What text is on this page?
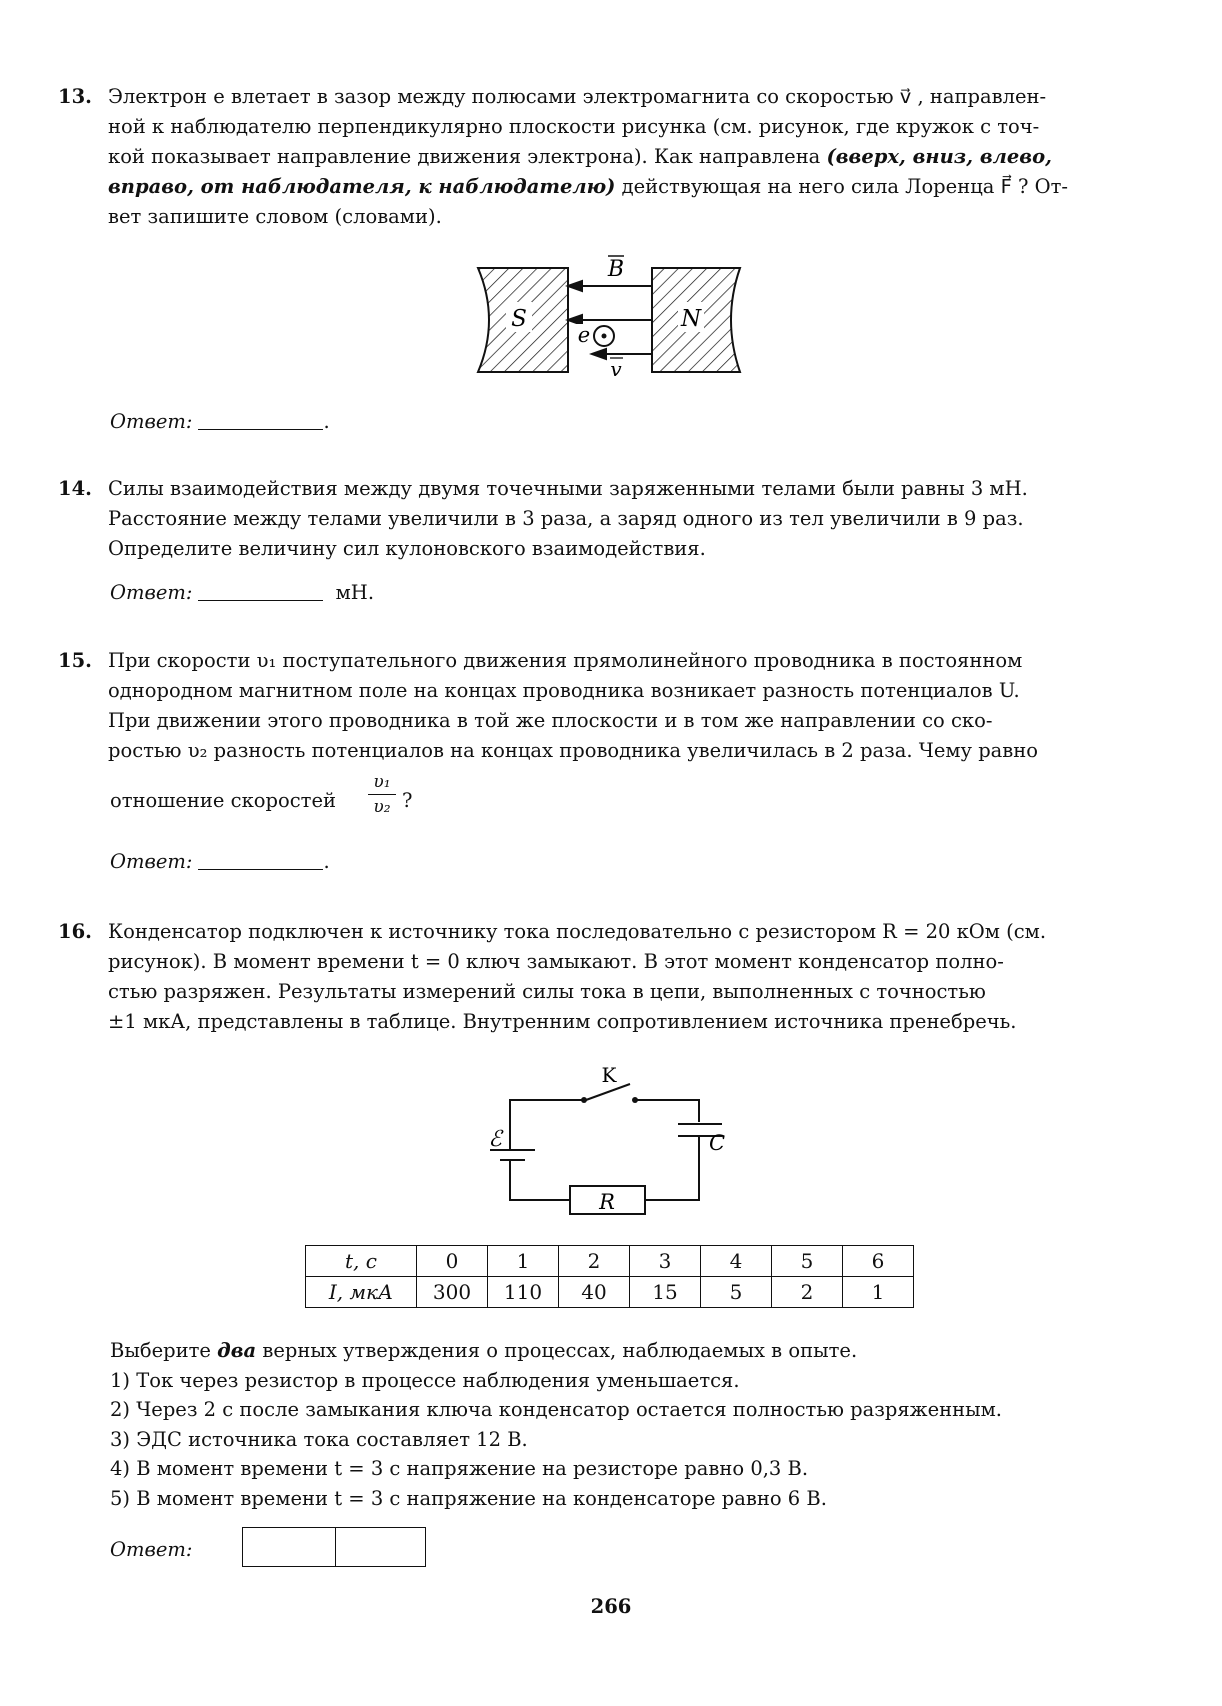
13. Электрон e влетает в зазор между полюсами электромагнита со скоростью v⃗ , направлен-
ной к наблюдателю перпендикулярно плоскости рисунка (см. рисунок, где кружок с точ-
кой показывает направление движения электрона). Как направлена (вверх, вниз, влево,
вправо, от наблюдателя, к наблюдателю) действующая на него сила Лоренца F⃗ ? От-
вет запишите словом (словами).
S	N
B
e
v
Ответ:	.
14. Силы взаимодействия между двумя точечными заряженными телами были равны 3 мН.
Расстояние между телами увеличили в 3 раза, а заряд одного из тел увеличили в 9 раз.
Определите величину сил кулоновского взаимодействия.
Ответ:	мН.
15. При скорости υ₁ поступательного движения прямолинейного проводника в постоянном
однородном магнитном поле на концах проводника возникает разность потенциалов U.
При движении этого проводника в той же плоскости и в том же направлении со ско-
ростью υ₂ разность потенциалов на концах проводника увеличилась в 2 раза. Чему равно
отношение скоростей $\frac{\text{υ₁}}{\text{υ₂}}$ ?
Ответ:	.
16. Конденсатор подключен к источнику тока последовательно с резистором R = 20 кОм (см.
рисунок). В момент времени t = 0 ключ замыкают. В этот момент конденсатор полно-
стью разряжен. Результаты измерений силы тока в цепи, выполненных с точностью
±1 мкА, представлены в таблице. Внутренним сопротивлением источника пренебречь.
K
ℰ	C
R
t, с	0	1	2	3	4	5	6
I, мкА	300	110	40	15	5	2	1
Выберите два верных утверждения о процессах, наблюдаемых в опыте.
1) Ток через резистор в процессе наблюдения уменьшается.
2) Через 2 с после замыкания ключа конденсатор остается полностью разряженным.
3) ЭДС источника тока составляет 12 В.
4) В момент времени t = 3 с напряжение на резисторе равно 0,3 В.
5) В момент времени t = 3 с напряжение на конденсаторе равно 6 В.
Ответ:
266
